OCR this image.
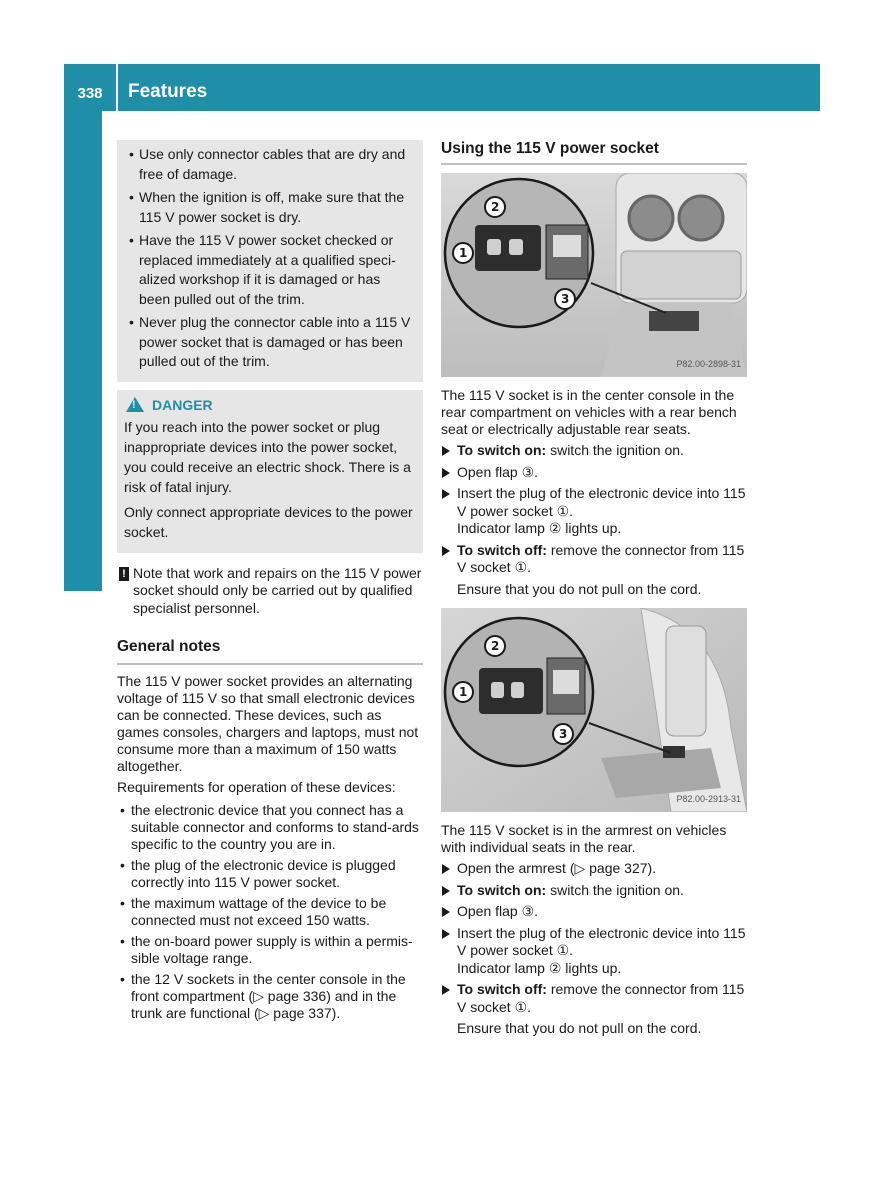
338	Features
Stowage and features
• Use only connector cables that are dry and free of damage.
• When the ignition is off, make sure that the 115 V power socket is dry.
• Have the 115 V power socket checked or replaced immediately at a qualified speci-alized workshop if it is damaged or has been pulled out of the trim.
• Never plug the connector cable into a 115 V power socket that is damaged or has been pulled out of the trim.
!DANGER

If you reach into the power socket or plug inappropriate devices into the power socket, you could receive an electric shock. There is a risk of fatal injury.

Only connect appropriate devices to the power socket.

! Note that work and repairs on the 115 V power socket should only be carried out by qualified specialist personnel.
General notes

The 115 V power socket provides an alternating voltage of 115 V so that small electronic devices can be connected. These devices, such as games consoles, chargers and laptops, must not consume more than a maximum of 150 watts altogether.

Requirements for operation of these devices:

• the electronic device that you connect has a suitable connector and conforms to stand-ards specific to the country you are in.
• the plug of the electronic device is plugged correctly into 115 V power socket.
• the maximum wattage of the device to be connected must not exceed 150 watts.
• the on-board power supply is within a permis-sible voltage range.
• the 12 V sockets in the center console in the front compartment (▷ page 336) and in the trunk are functional (▷ page 337).
Using the 115 V power socket
2
1
3
P82.00-2898-31

The 115 V socket is in the center console in the rear compartment on vehicles with a rear bench seat or electrically adjustable rear seats.

To switch on: switch the ignition on.
Open flap ③.
Insert the plug of the electronic device into 115 V power socket ①.
Indicator lamp ② lights up.
To switch off: remove the connector from 115 V socket ①.
Ensure that you do not pull on the cord.
2
1
3
P82.00-2913-31

The 115 V socket is in the armrest on vehicles with individual seats in the rear.

Open the armrest (▷ page 327).
To switch on: switch the ignition on.
Open flap ③.
Insert the plug of the electronic device into 115 V power socket ①.
Indicator lamp ② lights up.
To switch off: remove the connector from 115 V socket ①.
Ensure that you do not pull on the cord.
